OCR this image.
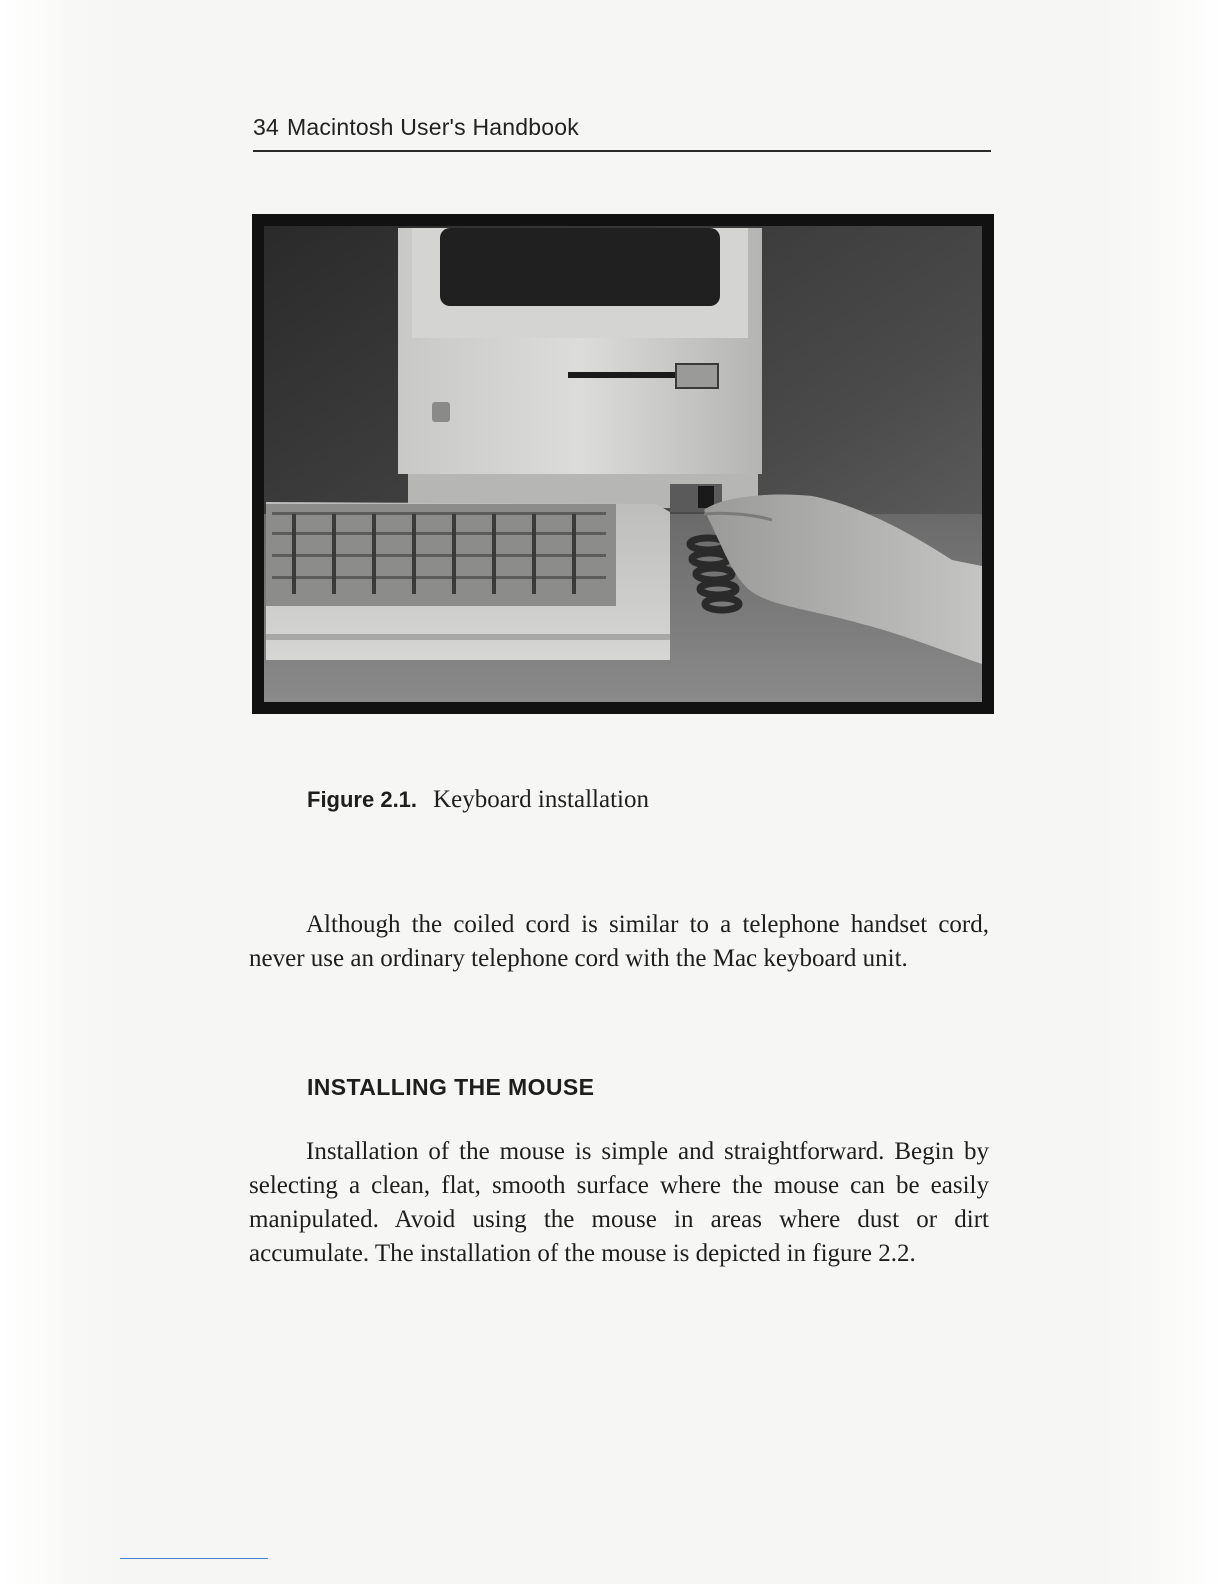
34 Macintosh User's Handbook
Figure 2.1. Keyboard installation

Although the coiled cord is similar to a telephone handset cord, never use an ordinary telephone cord with the Mac keyboard unit.

INSTALLING THE MOUSE

Installation of the mouse is simple and straightforward. Begin by selecting a clean, flat, smooth surface where the mouse can be easily manipulated. Avoid using the mouse in areas where dust or dirt accumulate. The installation of the mouse is depicted in figure 2.2.
